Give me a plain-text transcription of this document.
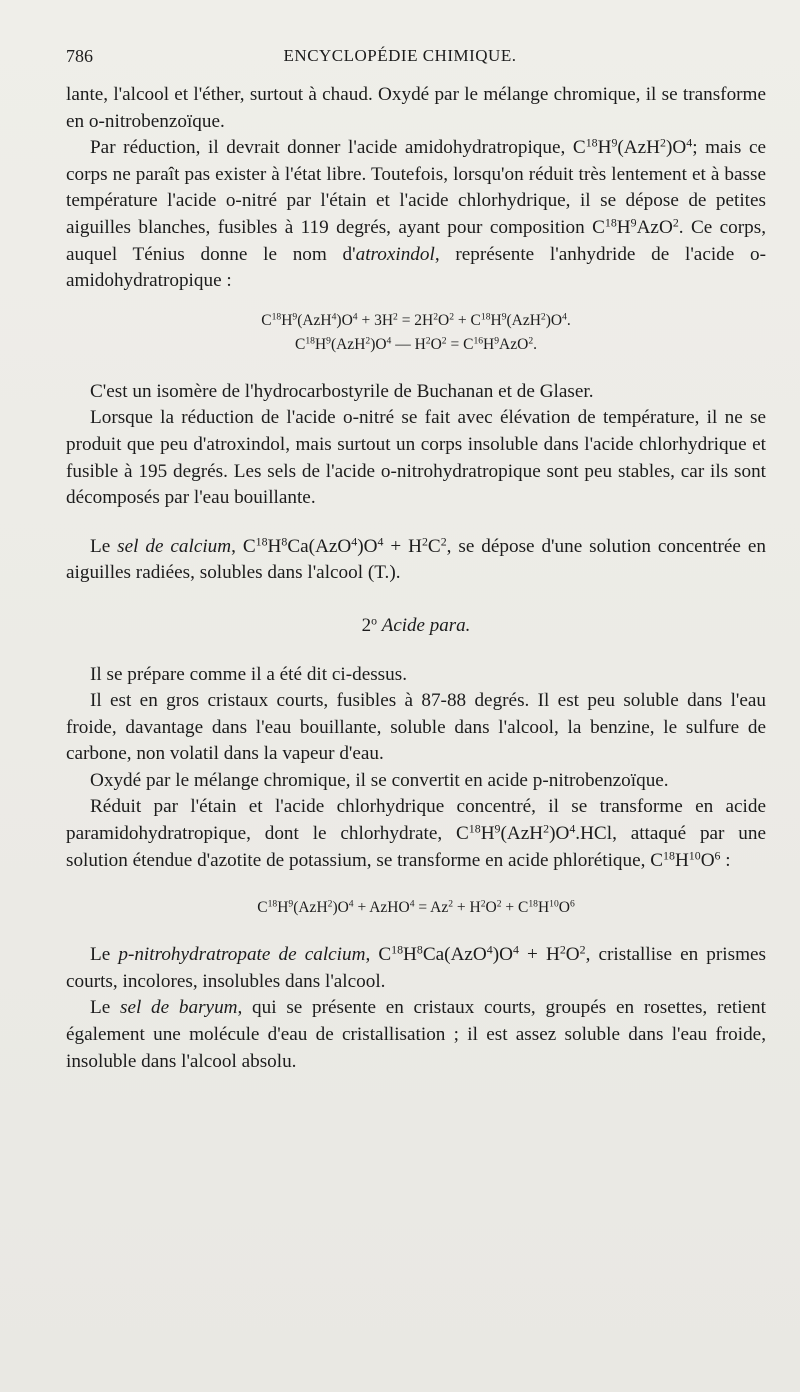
786	ENCYCLOPÉDIE CHIMIQUE.

lante, l'alcool et l'éther, surtout à chaud. Oxydé par le mélange chromique, il se transforme en o-nitrobenzoïque.

Par réduction, il devrait donner l'acide amidohydratropique, $C^{18}H^9(AzH^2)O^4$; mais ce corps ne paraît pas exister à l'état libre. Toutefois, lorsqu'on réduit très lentement et à basse température l'acide o-nitré par l'étain et l'acide chlorhydrique, il se dépose de petites aiguilles blanches, fusibles à 119 degrés, ayant pour composition $C^{18}H^9AzO^2$. Ce corps, auquel Ténius donne le nom d'atroxindol, représente l'anhydride de l'acide o-amidohydratropique :

$C^{18}H^9(AzH^4)O^4 + 3H^2 = 2H^2O^2 + C^{18}H^9(AzH^2)O^4$.
$C^{18}H^9(AzH^2)O^4$ — $H^2O^2 = C^{16}H^9AzO^2$.

C'est un isomère de l'hydrocarbostyrile de Buchanan et de Glaser.

Lorsque la réduction de l'acide o-nitré se fait avec élévation de température, il ne se produit que peu d'atroxindol, mais surtout un corps insoluble dans l'acide chlorhydrique et fusible à 195 degrés. Les sels de l'acide o-nitrohydratropique sont peu stables, car ils sont décomposés par l'eau bouillante.

Le sel de calcium, $C^{18}H^8Ca(AzO^4)O^4 + H^2C^2$, se dépose d'une solution concentrée en aiguilles radiées, solubles dans l'alcool (T.).

2$^o$ Acide para.

Il se prépare comme il a été dit ci-dessus.

Il est en gros cristaux courts, fusibles à 87-88 degrés. Il est peu soluble dans l'eau froide, davantage dans l'eau bouillante, soluble dans l'alcool, la benzine, le sulfure de carbone, non volatil dans la vapeur d'eau.

Oxydé par le mélange chromique, il se convertit en acide p-nitrobenzoïque.

Réduit par l'étain et l'acide chlorhydrique concentré, il se transforme en acide paramidohydratropique, dont le chlorhydrate, $C^{18}H^9(AzH^2)O^4.HCl$, attaqué par une solution étendue d'azotite de potassium, se transforme en acide phlorétique, $C^{18}H^{10}O^6$ :

$C^{18}H^9(AzH^2)O^4$ + AzHO$^4$ = $Az^2 + H^2O^2 + C^{18}H^{10}O^6$

Le p-nitrohydratropate de calcium, $C^{18}H^8Ca(AzO^4)O^4 + H^2O^2$, cristallise en prismes courts, incolores, insolubles dans l'alcool.

Le sel de baryum, qui se présente en cristaux courts, groupés en rosettes, retient également une molécule d'eau de cristallisation ; il est assez soluble dans l'eau froide, insoluble dans l'alcool absolu.
